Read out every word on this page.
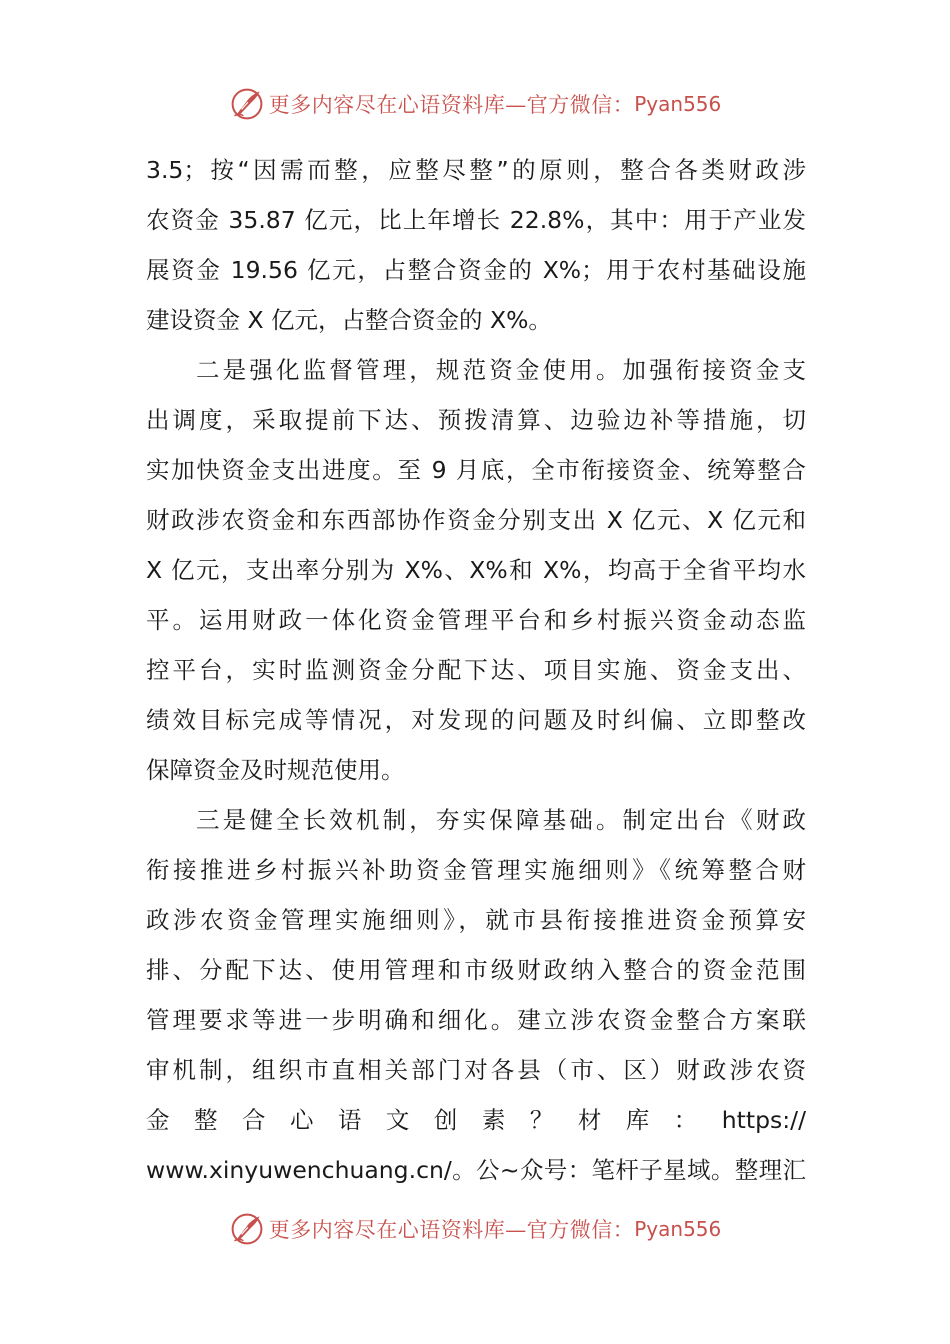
更多内容尽在心语资料库—官方微信： Pyan556
3.5；按“因需而整，应整尽整”的原则，整合各类财政涉
农资金 35.87 亿元，比上年增长 22.8%，其中：用于产业发
展资金 19.56 亿元，占整合资金的 X%；用于农村基础设施
建设资金 X 亿元，占整合资金的 X%。
二是强化监督管理，规范资金使用。加强衔接资金支
出调度，采取提前下达、预拨清算、边验边补等措施，切
实加快资金支出进度。至 9 月底，全市衔接资金、统筹整合
财政涉农资金和东西部协作资金分别支出 X 亿元、X 亿元和
X 亿元，支出率分别为 X%、X%和 X%，均高于全省平均水
平。运用财政一体化资金管理平台和乡村振兴资金动态监
控平台，实时监测资金分配下达、项目实施、资金支出、
绩效目标完成等情况，对发现的问题及时纠偏、立即整改
保障资金及时规范使用。
三是健全长效机制，夯实保障基础。制定出台《财政
衔接推进乡村振兴补助资金管理实施细则》《统筹整合财
政涉农资金管理实施细则》，就市县衔接推进资金预算安
排、分配下达、使用管理和市级财政纳入整合的资金范围
管理要求等进一步明确和细化。建立涉农资金整合方案联
审机制，组织市直相关部门对各县（市、区）财政涉农资
金 整 合 心 语 文 创 素 ？ 材 库 ： https://
www.xinyuwenchuang.cn/。公~众号：笔杆子星域。整理汇
更多内容尽在心语资料库—官方微信： Pyan556
